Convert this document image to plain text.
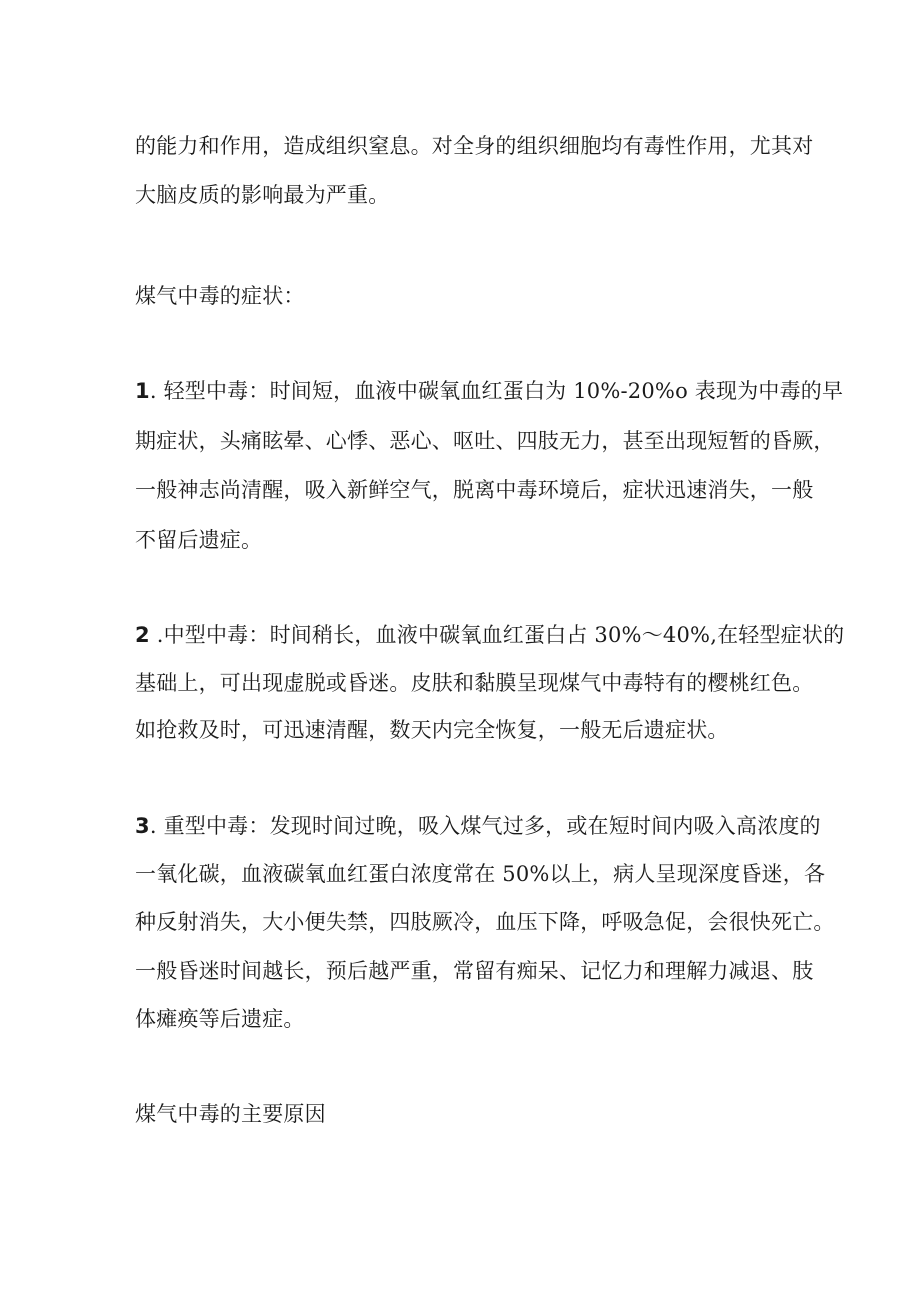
的能力和作用，造成组织窒息。对全身的组织细胞均有毒性作用，尤其对
大脑皮质的影响最为严重。
煤气中毒的症状：
1. 轻型中毒：时间短，血液中碳氧血红蛋白为 10%-20%o 表现为中毒的早
期症状，头痛眩晕、心悸、恶心、呕吐、四肢无力，甚至出现短暂的昏厥，
一般神志尚清醒，吸入新鲜空气，脱离中毒环境后，症状迅速消失，一般
不留后遗症。
2 .中型中毒：时间稍长，血液中碳氧血红蛋白占 30%〜40%,在轻型症状的
基础上，可出现虚脱或昏迷。皮肤和黏膜呈现煤气中毒特有的樱桃红色。
如抢救及时，可迅速清醒，数天内完全恢复，一般无后遗症状。
3. 重型中毒：发现时间过晚，吸入煤气过多，或在短时间内吸入高浓度的
一氧化碳，血液碳氧血红蛋白浓度常在 50%以上，病人呈现深度昏迷，各
种反射消失，大小便失禁，四肢厥冷，血压下降，呼吸急促，会很快死亡。
一般昏迷时间越长，预后越严重，常留有痴呆、记忆力和理解力减退、肢
体瘫痪等后遗症。
煤气中毒的主要原因
